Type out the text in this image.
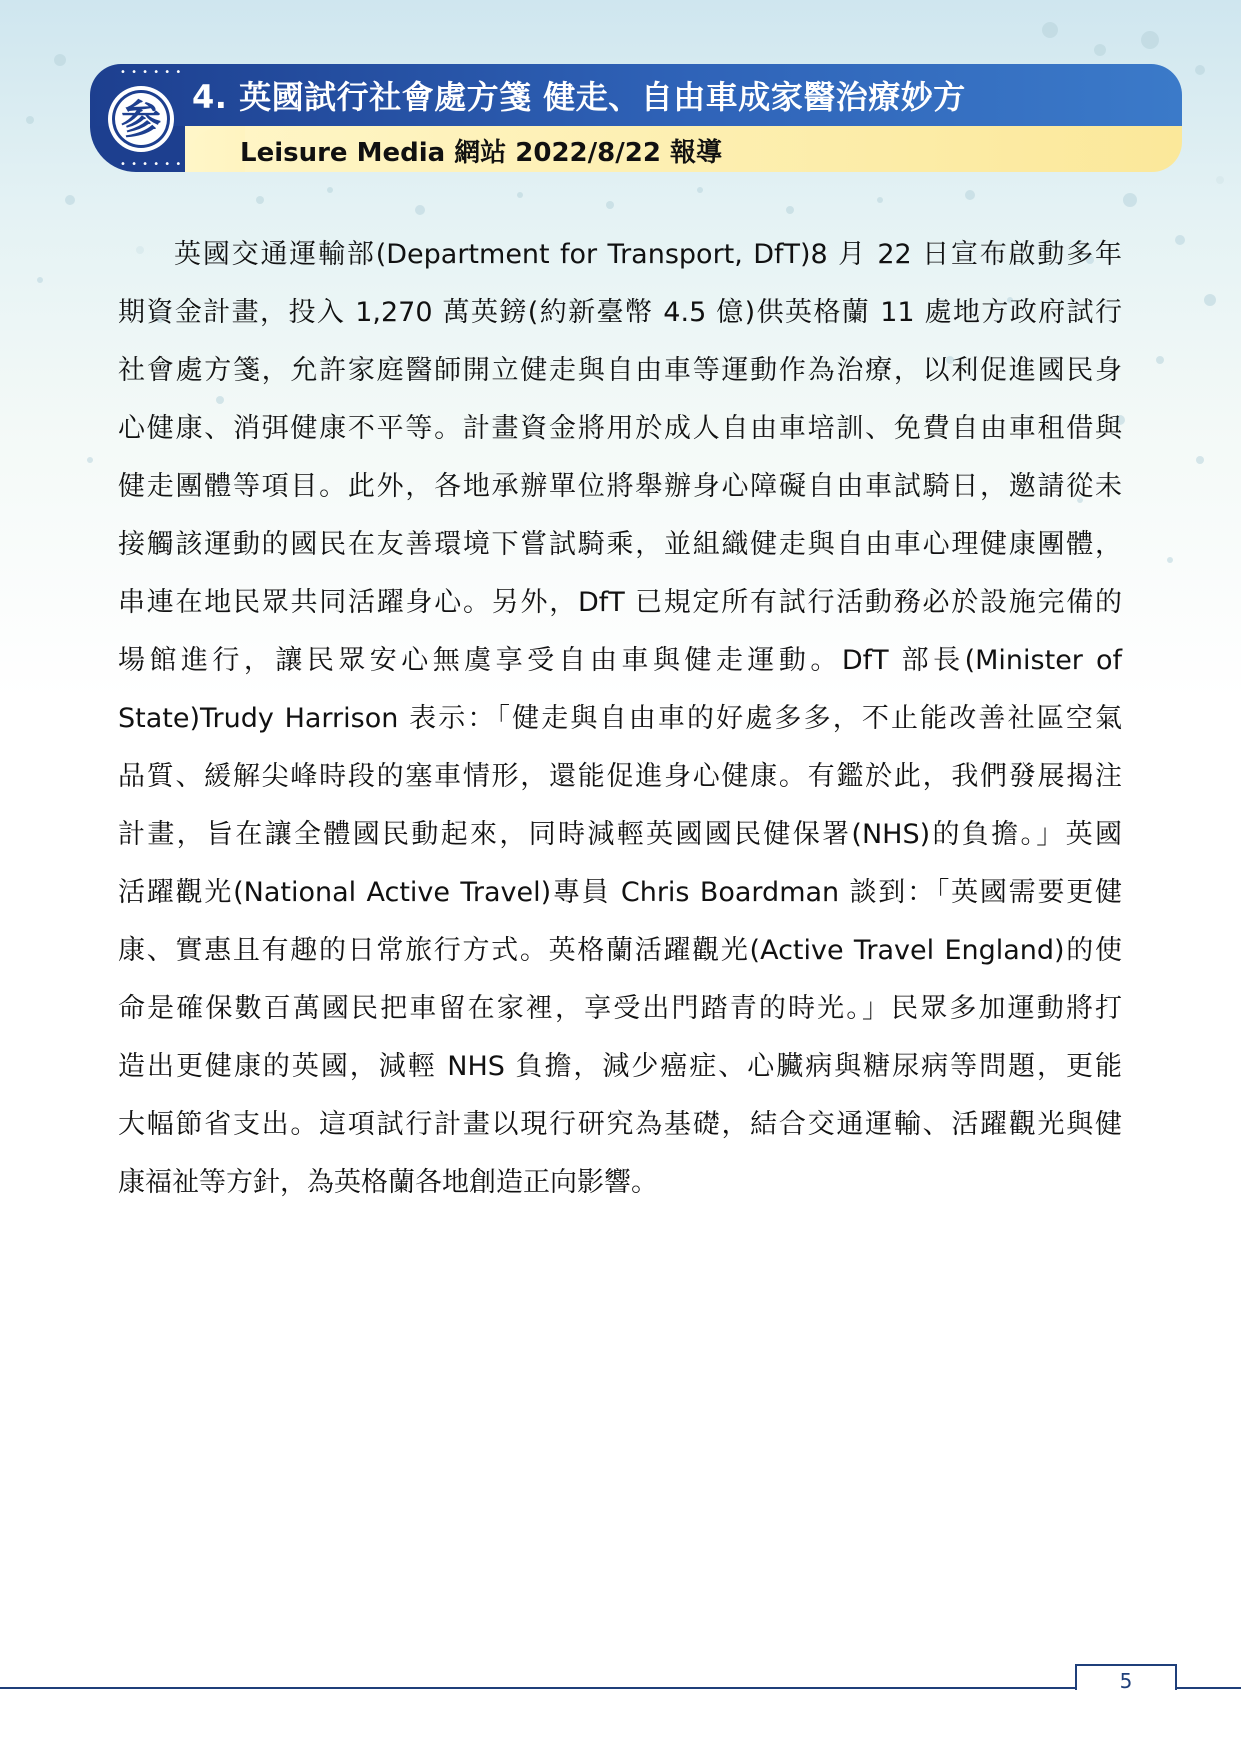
• • • • • •
参
• • • • • •
4. 英國試行社會處方箋 健走、自由車成家醫治療妙方
Leisure Media 網站 2022/8/22 報導
英國交通運輸部(Department for Transport, DfT)8 月 22 日宣布啟動多年
期資金計畫，投入 1,270 萬英鎊(約新臺幣 4.5 億)供英格蘭 11 處地方政府試行
社會處方箋，允許家庭醫師開立健走與自由車等運動作為治療，以利促進國民身
心健康、消弭健康不平等。計畫資金將用於成人自由車培訓、免費自由車租借與
健走團體等項目。此外，各地承辦單位將舉辦身心障礙自由車試騎日，邀請從未
接觸該運動的國民在友善環境下嘗試騎乘，並組織健走與自由車心理健康團體，
串連在地民眾共同活躍身心。另外，DfT 已規定所有試行活動務必於設施完備的
場館進行，讓民眾安心無虞享受自由車與健走運動。DfT 部長(Minister of
State)Trudy Harrison 表示：「健走與自由車的好處多多，不止能改善社區空氣
品質、緩解尖峰時段的塞車情形，還能促進身心健康。有鑑於此，我們發展揭注
計畫，旨在讓全體國民動起來，同時減輕英國國民健保署(NHS)的負擔。」英國
活躍觀光(National Active Travel)專員 Chris Boardman 談到：「英國需要更健
康、實惠且有趣的日常旅行方式。英格蘭活躍觀光(Active Travel England)的使
命是確保數百萬國民把車留在家裡，享受出門踏青的時光。」民眾多加運動將打
造出更健康的英國，減輕 NHS 負擔，減少癌症、心臟病與糖尿病等問題，更能
大幅節省支出。這項試行計畫以現行研究為基礎，結合交通運輸、活躍觀光與健
康福祉等方針，為英格蘭各地創造正向影響。
5
